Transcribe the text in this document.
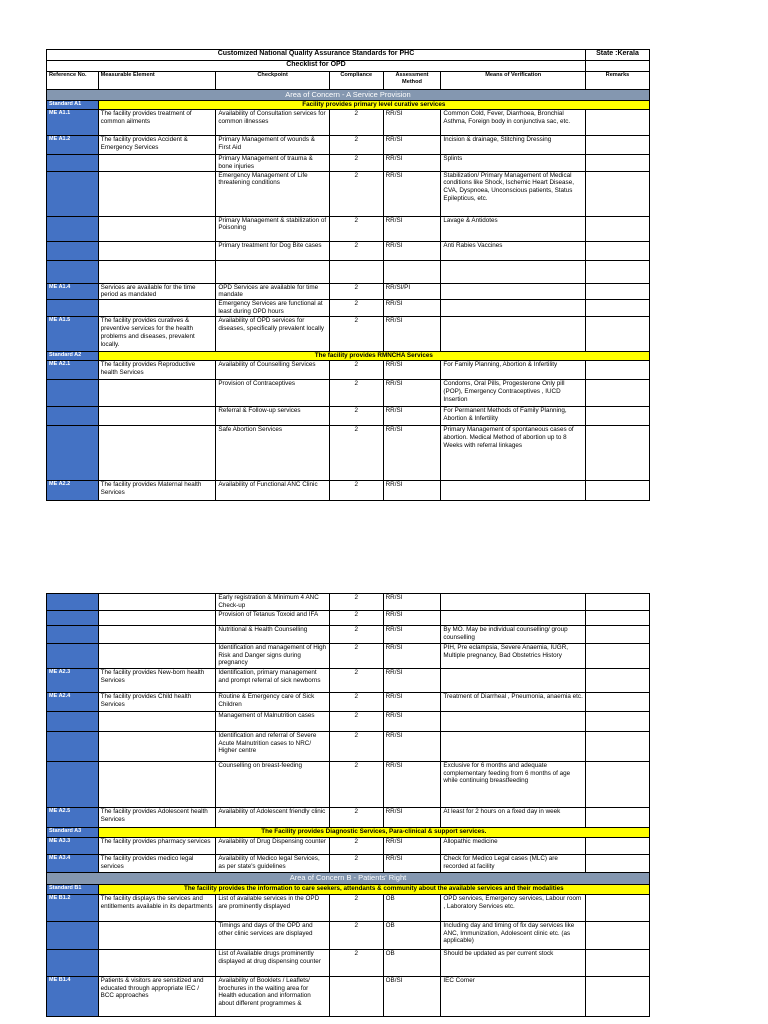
Customized National Quality Assurance Standards for PHC						State :Kerala
Checklist for OPD						
Reference No.	Measurable Element	Checkpoint	Compliance	Assessment Method	Means of Verification	Remarks
Area of Concern - A Service Provision						
Standard A1	Facility provides primary level curative services					
ME A1.1	The facility provides treatment of common ailments	Availability of Consultation services for common illnesses	2	RR/SI	Common Cold, Fever, Diarrhoea, Bronchial Asthma, Foreign body in conjunctiva sac, etc.	
ME A1.2	The facility provides Accident & Emergency Services	Primary Management of wounds & First Aid	2	RR/SI	Incision & drainage, Stitching Dressing	
		Primary Management of trauma & bone injuries	2	RR/SI	Splints	
		Emergency Management of Life threatening conditions	2	RR/SI	Stabilization/ Primary Management of Medical conditions like Shock, Ischemic Heart Disease, CVA, Dyspnoea, Unconscious patients, Status Epilepticus, etc.	
		Primary Management & stabilization of Poisoning	2	RR/SI	Lavage & Antidotes	
		Primary treatment for Dog Bite cases	2	RR/SI	Anti Rabies Vaccines	

ME A1.4	Services are available for the time period as mandated	OPD Services are available for time mandate	2	RR/SI/PI		
		Emergency Services are functional at least during OPD hours	2	RR/SI		
ME A1.5	The facility provides curatives & preventive services for the health problems and diseases, prevalent locally.	Availability of OPD services for diseases, specifically prevalent locally	2	RR/SI		
Standard A2	The facility provides RMNCHA Services					
ME A2.1	The facility provides Reproductive health Services	Availability of Counselling Services	2	RR/SI	For Family Planning, Abortion & Infertility	
		Provision of Contraceptives	2	RR/SI	Condoms, Oral Pills, Progesterone Only pill (POP), Emergency Contraceptives , IUCD Insertion	
		Referral & Follow-up services	2	RR/SI	For Permanent Methods of Family Planning, Abortion & Infertility	
		Safe Abortion Services	2	RR/SI	Primary Management of spontaneous cases of abortion. Medical Method of abortion up to 8 Weeks with referral linkages	
ME A2.2	The facility provides Maternal health Services	Availability of Functional ANC Clinic	2	RR/SI		
		Early registration & Minimum 4 ANC Check-up	2	RR/SI		
		Provision of Tetanus Toxoid and IFA	2	RR/SI		
		Nutritional & Health Counselling	2	RR/SI	By MO. May be individual counselling/ group counselling	
		Identification and management of High Risk and Danger signs during pregnancy	2	RR/SI	PIH, Pre eclampsia, Severe Anaemia, IUGR, Multiple pregnancy, Bad Obstetrics History	
ME A2.3	The facility provides New-born health Services	Identification, primary management and prompt referral of sick newborns	2	RR/SI		
ME A2.4	The facility provides Child health Services	Routine & Emergency care of Sick Children	2	RR/SI	Treatment of Diarrheal , Pneumonia, anaemia etc.	
		Management of Malnutrition cases	2	RR/SI		
		Identification and referral of Severe Acute Malnutrition cases to NRC/ Higher centre	2	RR/SI		
		Counselling on breast-feeding	2	RR/SI	Exclusive for 6 months and adequate complementary feeding from 6 months of age while continuing breastfeeding	
ME A2.5	The facility provides Adolescent health Services	Availability of Adolescent friendly clinic	2	RR/SI	At least for 2 hours on a fixed day in week	
Standard A3	The Facility provides Diagnostic Services, Para-clinical & support services.					
ME A3.3	The facility provides pharmacy services	Availability of Drug Dispensing counter	2	RR/SI	Allopathic medicine	
ME A3.4	The facility provides medico legal services	Availability of Medico legal Services, as per state's guidelines	2	RR/SI	Check for Medico Legal cases (MLC) are recorded at facility	
Area of Concern B - Patients' Right						
Standard B1	The facility provides the information to care seekers, attendants & community about the available services and their modalities					
ME B1.2	The facility displays the services and entitlements available in its departments	List of available services in the OPD are prominently displayed	2	OB	OPD services, Emergency services, Labour room , Laboratory Services etc.	
		Timings and days of the OPD and other clinic services are displayed	2	OB	Including day and timing of fix day services like ANC, Immunization, Adolescent clinic etc. (as applicable)	
		List of Available drugs prominently displayed at drug dispensing counter	2	OB	Should be updated as per current stock	
ME B1.4	Patients & visitors are sensitized and educated through appropriate IEC / BCC approaches	Availability of Booklets / Leaflets/ brochures in the waiting area for Health education and information about different programmes &		OB/SI	IEC Corner	
